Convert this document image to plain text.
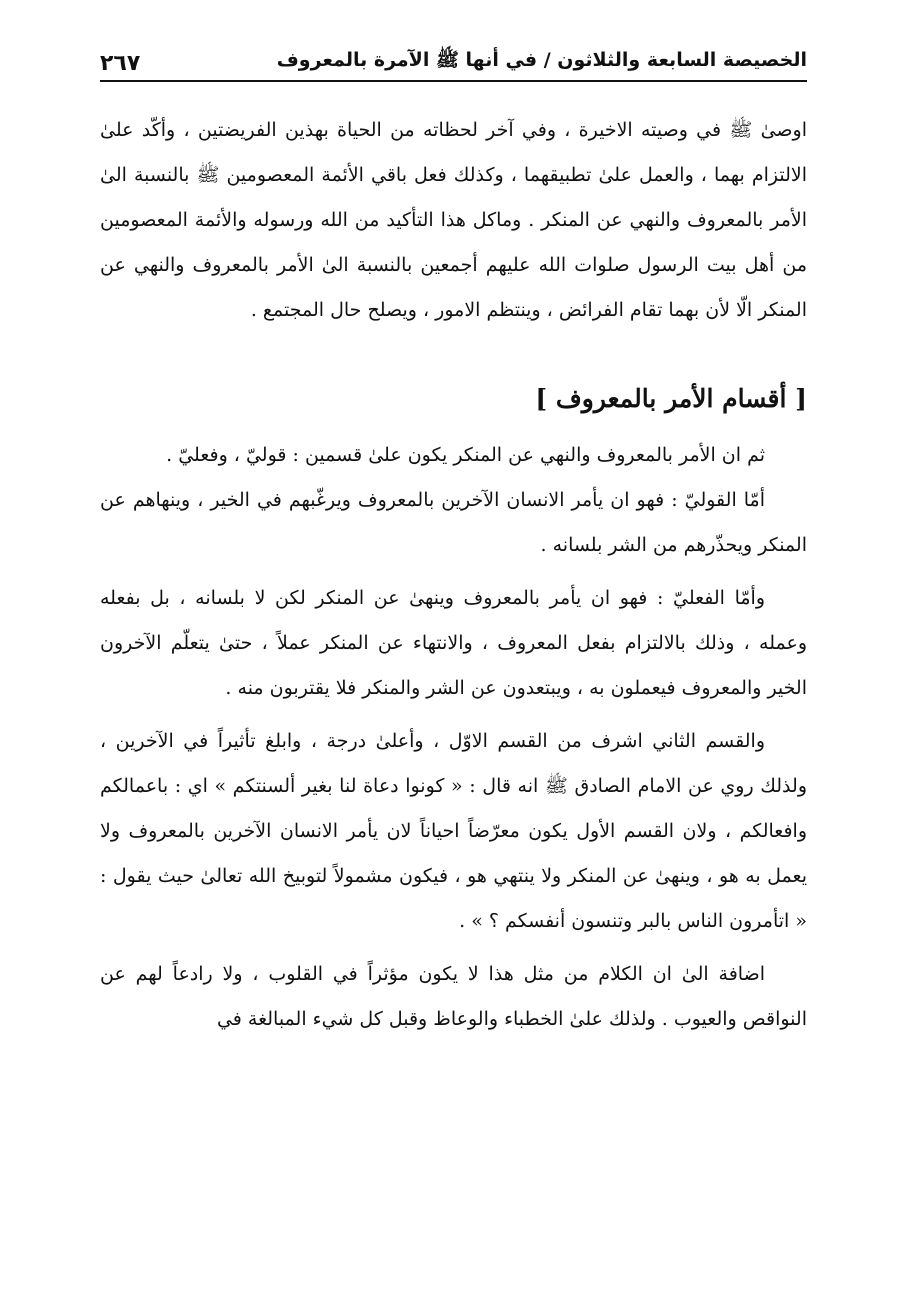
الخصيصة السابعة والثلاثون / في أنها ﷺ الآمرة بالمعروف
٢٦٧

اوصىٰ ﷺ في وصيته الاخيرة ، وفي آخر لحظاته من الحياة بهذين الفريضتين ، وأكّد علىٰ الالتزام بهما ، والعمل علىٰ تطبيقهما ، وكذلك فعل باقي الأئمة المعصومين ﷺ بالنسبة الىٰ الأمر بالمعروف والنهي عن المنكر . وماكل هذا التأكيد من الله ورسوله والأئمة المعصومين من أهل بيت الرسول صلوات الله عليهم أجمعين بالنسبة الىٰ الأمر بالمعروف والنهي عن المنكر الّا لأن بهما تقام الفرائض ، وينتظم الامور ، ويصلح حال المجتمع .

[ أقسام الأمر بالمعروف ]

ثم ان الأمر بالمعروف والنهي عن المنكر يكون علىٰ قسمين : قوليّ ، وفعليّ .

أمّا القوليّ : فهو ان يأمر الانسان الآخرين بالمعروف ويرغّبهم في الخير ، وينهاهم عن المنكر ويحذّرهم من الشر بلسانه .

وأمّا الفعليّ : فهو ان يأمر بالمعروف وينهىٰ عن المنكر لكن لا بلسانه ، بل بفعله وعمله ، وذلك بالالتزام بفعل المعروف ، والانتهاء عن المنكر عملاً ، حتىٰ يتعلّم الآخرون الخير والمعروف فيعملون به ، ويبتعدون عن الشر والمنكر فلا يقتربون منه .

والقسم الثاني اشرف من القسم الاوّل ، وأعلىٰ درجة ، وابلغ تأثيراً في الآخرين ، ولذلك روي عن الامام الصادق ﷺ انه قال : « كونوا دعاة لنا بغير ألسنتكم » اي : باعمالكم وافعالكم ، ولان القسم الأول يكون معرّضاً احياناً لان يأمر الانسان الآخرين بالمعروف ولا يعمل به هو ، وينهىٰ عن المنكر ولا ينتهي هو ، فيكون مشمولاً لتوبيخ الله تعالىٰ حيث يقول : « اتأمرون الناس بالبر وتنسون أنفسكم ؟ » .

اضافة الىٰ ان الكلام من مثل هذا لا يكون مؤثراً في القلوب ، ولا رادعاً لهم عن النواقص والعيوب . ولذلك علىٰ الخطباء والوعاظ وقبل كل شيء المبالغة في
